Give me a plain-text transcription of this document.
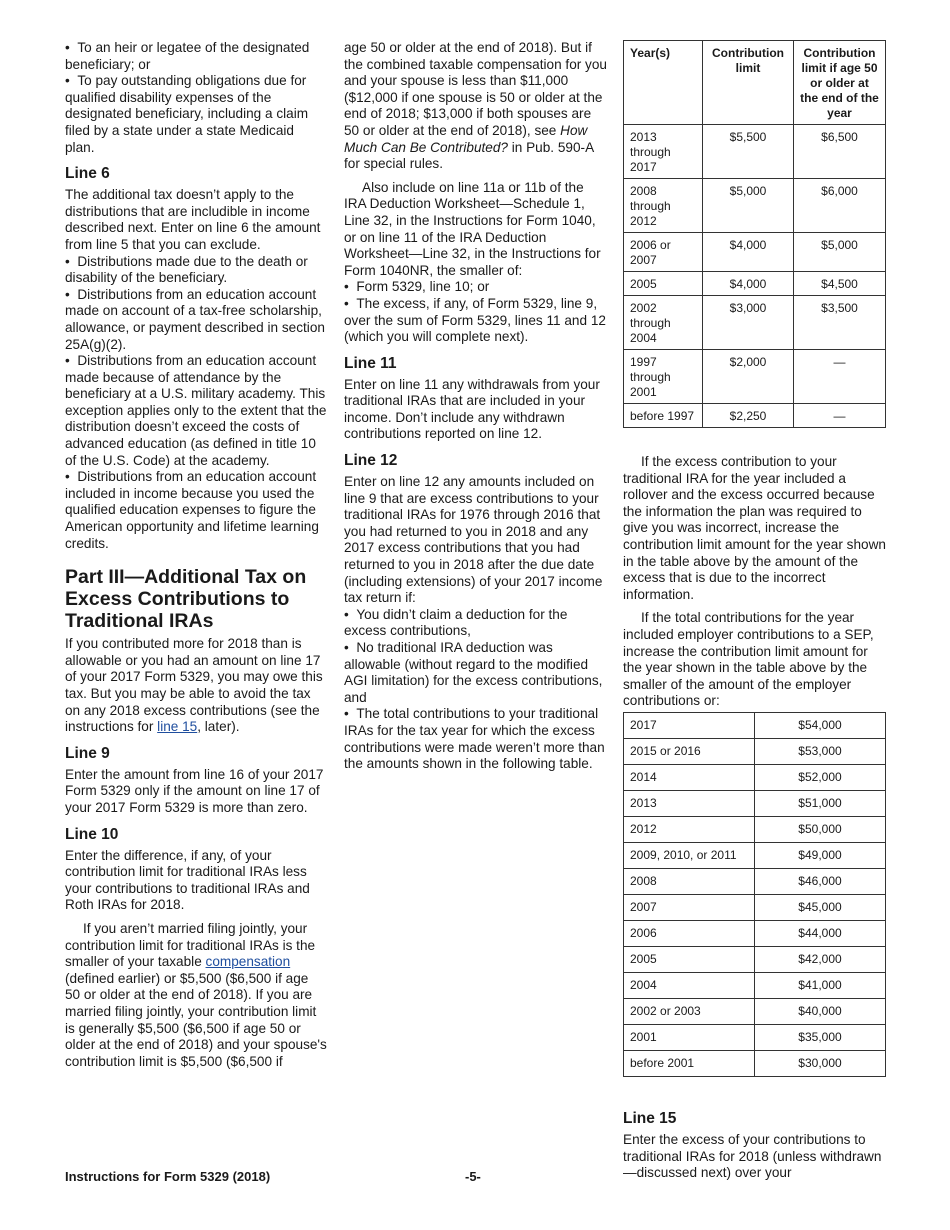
•  To an heir or legatee of the designated beneficiary; or

•  To pay outstanding obligations due for qualified disability expenses of the designated beneficiary, including a claim filed by a state under a state Medicaid plan.

Line 6

The additional tax doesn’t apply to the distributions that are includible in income described next. Enter on line 6 the amount from line 5 that you can exclude.

•  Distributions made due to the death or disability of the beneficiary.

•  Distributions from an education account made on account of a tax-free scholarship, allowance, or payment described in section 25A(g)(2).

•  Distributions from an education account made because of attendance by the beneficiary at a U.S. military academy. This exception applies only to the extent that the distribution doesn’t exceed the costs of advanced education (as defined in title 10 of the U.S. Code) at the academy.

•  Distributions from an education account included in income because you used the qualified education expenses to figure the American opportunity and lifetime learning credits.

Part III—Additional Tax on Excess Contributions to Traditional IRAs

If you contributed more for 2018 than is allowable or you had an amount on line 17 of your 2017 Form 5329, you may owe this tax. But you may be able to avoid the tax on any 2018 excess contributions (see the instructions for line 15, later).

Line 9

Enter the amount from line 16 of your 2017 Form 5329 only if the amount on line 17 of your 2017 Form 5329 is more than zero.

Line 10

Enter the difference, if any, of your contribution limit for traditional IRAs less your contributions to traditional IRAs and Roth IRAs for 2018.

If you aren’t married filing jointly, your contribution limit for traditional IRAs is the smaller of your taxable compensation (defined earlier) or $5,500 ($6,500 if age 50 or older at the end of 2018). If you are married filing jointly, your contribution limit is generally $5,500 ($6,500 if age 50 or older at the end of 2018) and your spouse's contribution limit is $5,500 ($6,500 if

age 50 or older at the end of 2018). But if the combined taxable compensation for you and your spouse is less than $11,000 ($12,000 if one spouse is 50 or older at the end of 2018; $13,000 if both spouses are 50 or older at the end of 2018), see How Much Can Be Contributed? in Pub. 590-A for special rules.

Also include on line 11a or 11b of the IRA Deduction Worksheet—Schedule 1, Line 32, in the Instructions for Form 1040, or on line 11 of the IRA Deduction Worksheet—Line 32, in the Instructions for Form 1040NR, the smaller of:

•  Form 5329, line 10; or

•  The excess, if any, of Form 5329, line 9, over the sum of Form 5329, lines 11 and 12 (which you will complete next).

Line 11

Enter on line 11 any withdrawals from your traditional IRAs that are included in your income. Don’t include any withdrawn contributions reported on line 12.

Line 12

Enter on line 12 any amounts included on line 9 that are excess contributions to your traditional IRAs for 1976 through 2016 that you had returned to you in 2018 and any 2017 excess contributions that you had returned to you in 2018 after the due date (including extensions) of your 2017 income tax return if:

•  You didn’t claim a deduction for the excess contributions,

•  No traditional IRA deduction was allowable (without regard to the modified AGI limitation) for the excess contributions, and

•  The total contributions to your traditional IRAs for the tax year for which the excess contributions were made weren’t more than the amounts shown in the following table.

Year(s)	Contribution limit	Contribution limit if age 50 or older at the end of the year
2013 through 2017	$5,500	$6,500
2008 through 2012	$5,000	$6,000
2006 or 2007	$4,000	$5,000
2005	$4,000	$4,500
2002 through 2004	$3,000	$3,500
1997 through 2001	$2,000	—
before 1997	$2,250	—

If the excess contribution to your traditional IRA for the year included a rollover and the excess occurred because the information the plan was required to give you was incorrect, increase the contribution limit amount for the year shown in the table above by the amount of the excess that is due to the incorrect information.

If the total contributions for the year included employer contributions to a SEP, increase the contribution limit amount for the year shown in the table above by the smaller of the amount of the employer contributions or:

2017	$54,000
2015 or 2016	$53,000
2014	$52,000
2013	$51,000
2012	$50,000
2009, 2010, or 2011	$49,000
2008	$46,000
2007	$45,000
2006	$44,000
2005	$42,000
2004	$41,000
2002 or 2003	$40,000
2001	$35,000
before 2001	$30,000
Line 15

Enter the excess of your contributions to traditional IRAs for 2018 (unless withdrawn—discussed next) over your

Instructions for Form 5329 (2018)	-5-
